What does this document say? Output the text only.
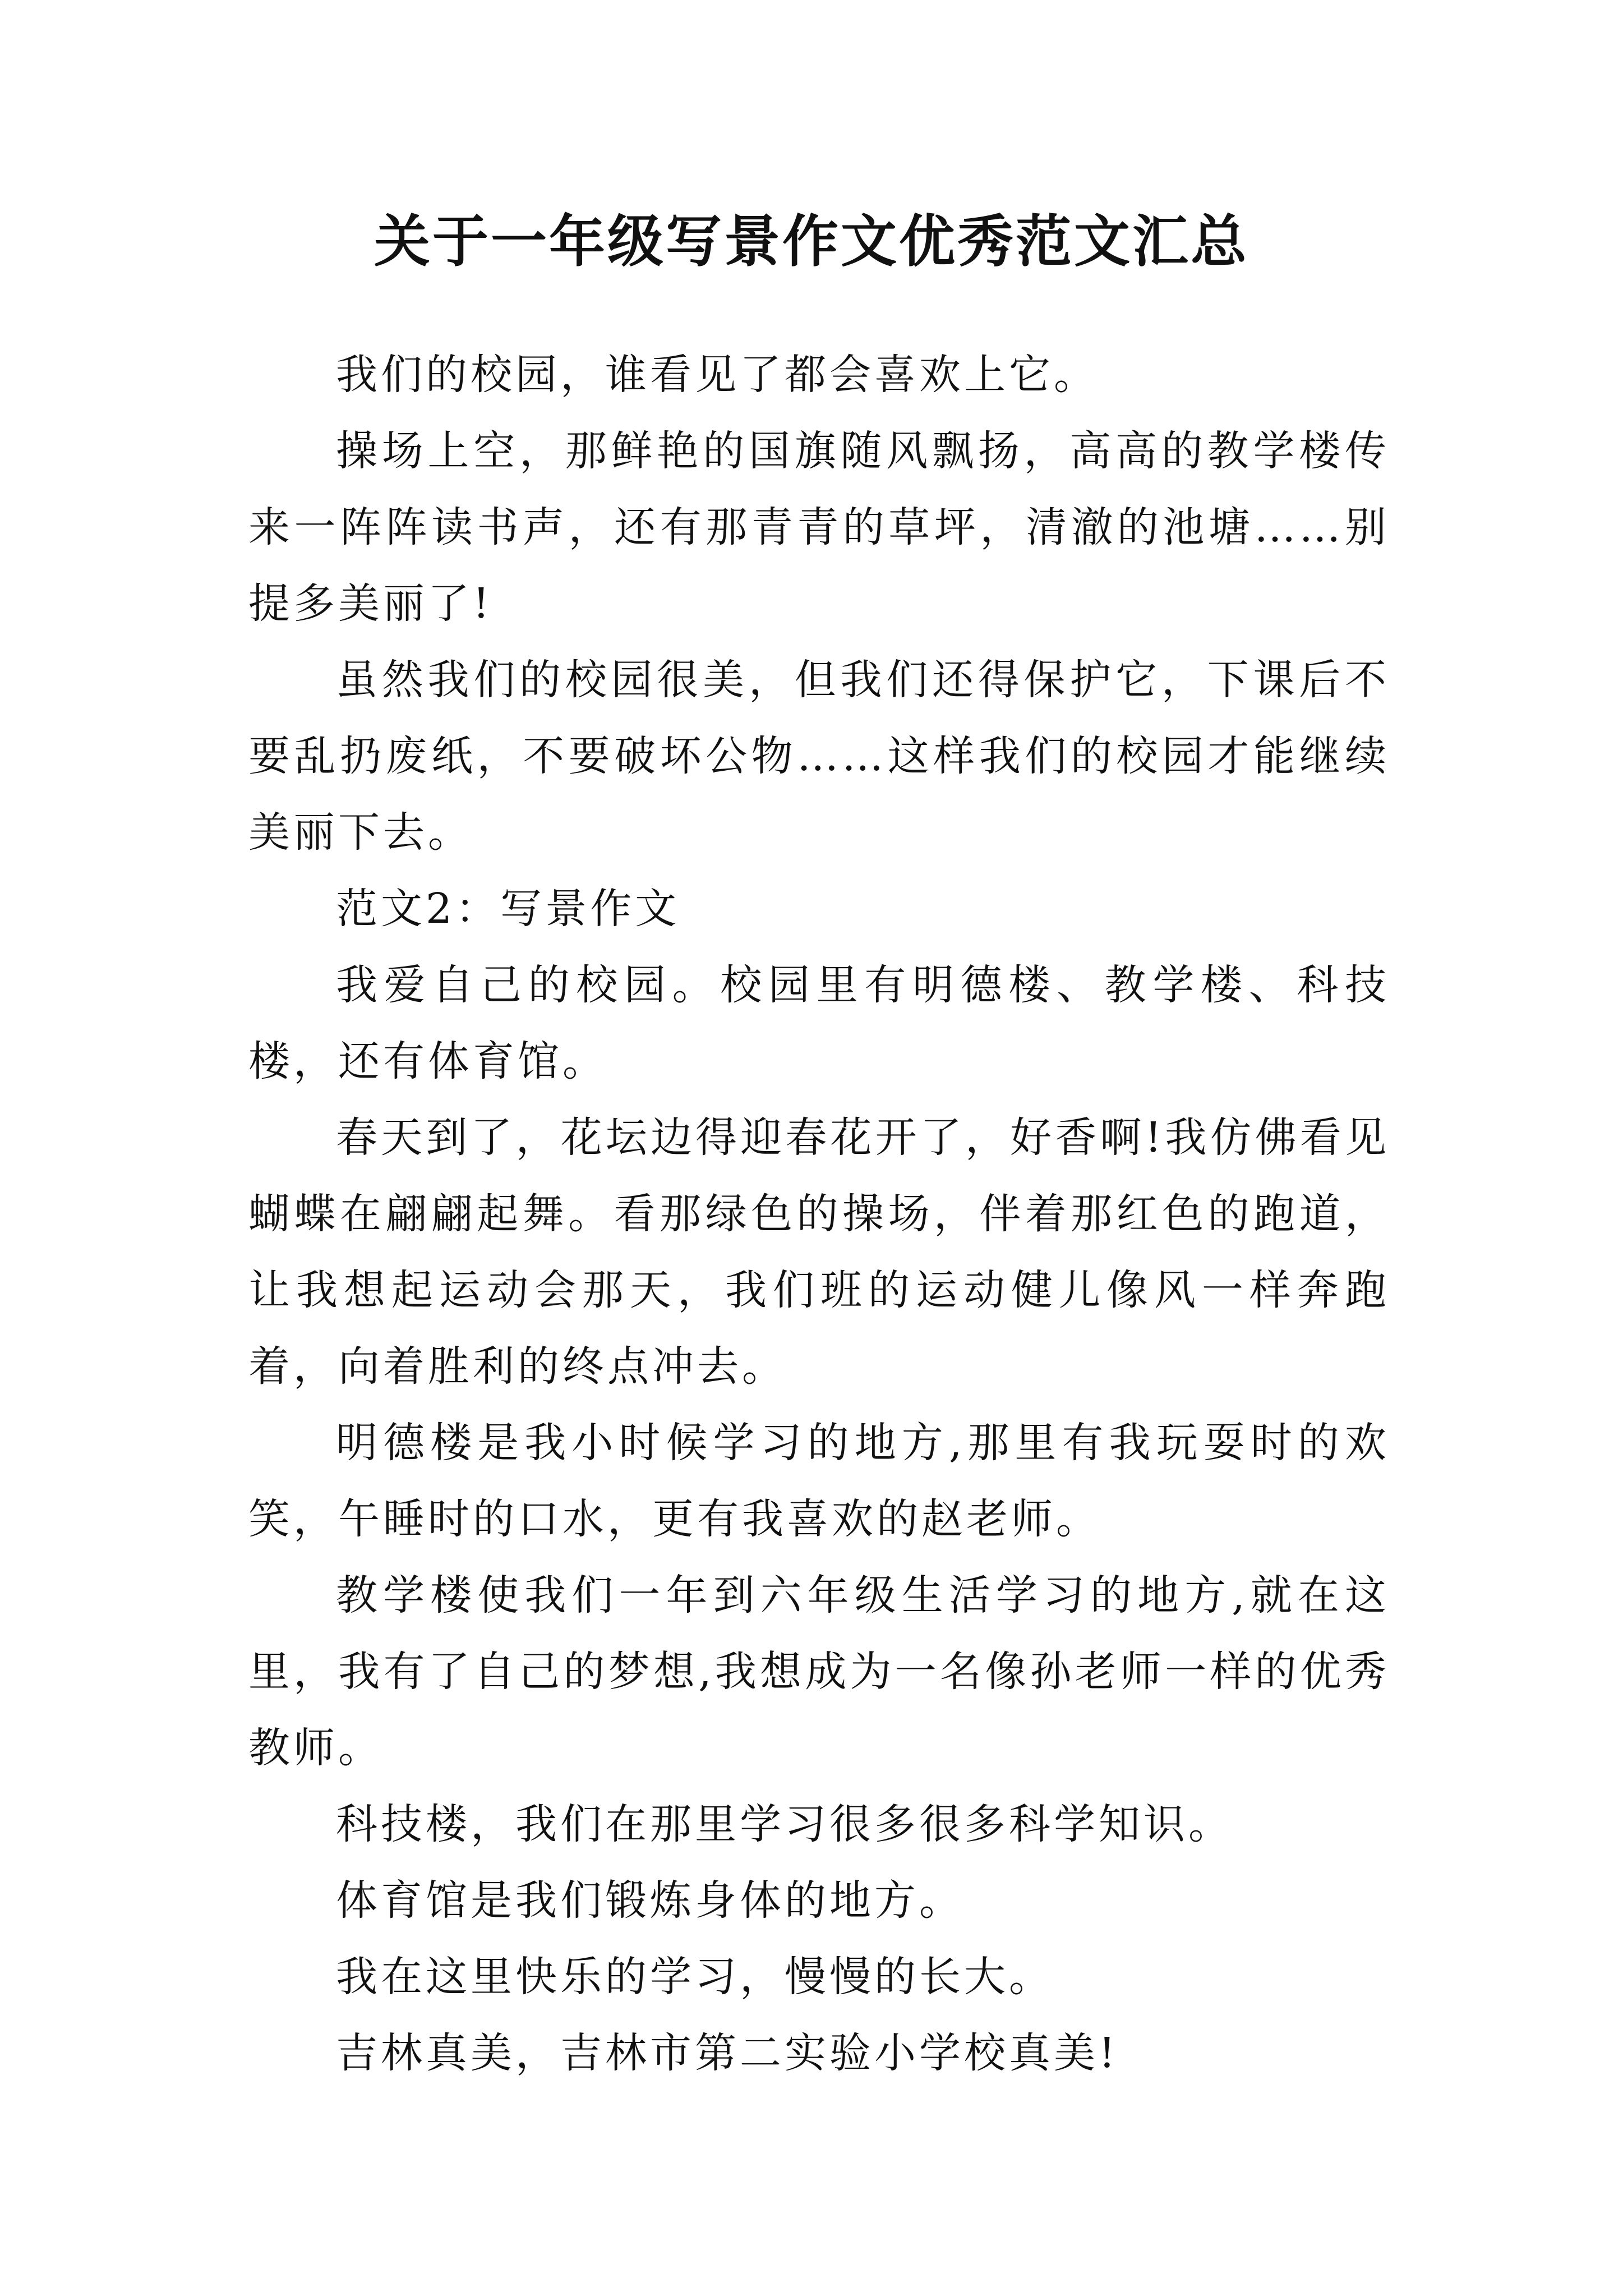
关于一年级写景作文优秀范文汇总

我们的校园，谁看见了都会喜欢上它。

操场上空，那鲜艳的国旗随风飘扬，高高的教学楼传来一阵阵读书声，还有那青青的草坪，清澈的池塘……别提多美丽了!

虽然我们的校园很美，但我们还得保护它，下课后不要乱扔废纸，不要破坏公物……这样我们的校园才能继续美丽下去。

范文2：写景作文

我爱自己的校园。校园里有明德楼、教学楼、科技楼，还有体育馆。

春天到了，花坛边得迎春花开了，好香啊!我仿佛看见蝴蝶在翩翩起舞。看那绿色的操场，伴着那红色的跑道，让我想起运动会那天，我们班的运动健儿像风一样奔跑着，向着胜利的终点冲去。

明德楼是我小时候学习的地方,那里有我玩耍时的欢笑，午睡时的口水，更有我喜欢的赵老师。

教学楼使我们一年到六年级生活学习的地方,就在这里，我有了自己的梦想,我想成为一名像孙老师一样的优秀教师。

科技楼，我们在那里学习很多很多科学知识。

体育馆是我们锻炼身体的地方。

我在这里快乐的学习，慢慢的长大。

吉林真美，吉林市第二实验小学校真美!
